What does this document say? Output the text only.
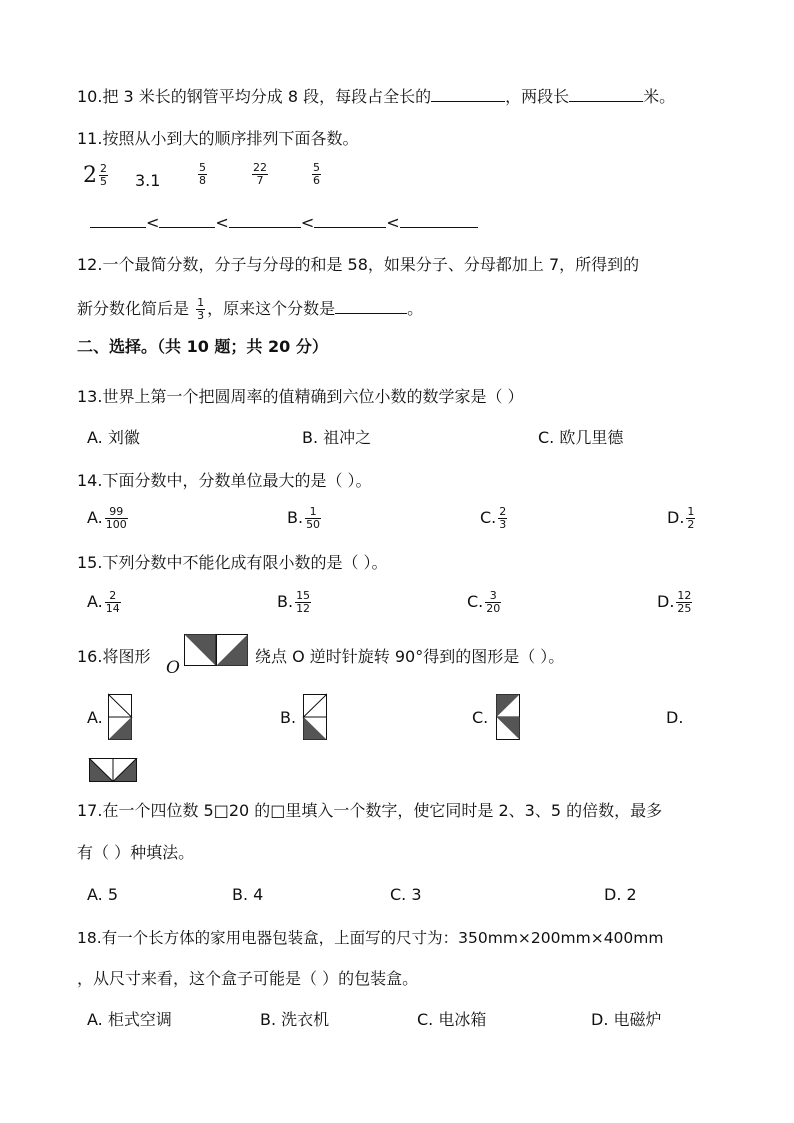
10.把 3 米长的钢管平均分成 8 段，每段占全长的	，两段长	米。
11.按照从小到大的顺序排列下面各数。
$2 \frac{2}{5} 3.1$	$\frac{5}{8}$	$\frac{22}{7}$	$\frac{5}{6}$
<	<	<	<
12.一个最简分数，分子与分母的和是 58，如果分子、分母都加上 7，所得到的
新分数化简后是 $\frac{1}{3}$ ，原来这个分数是	。
二、选择。（共 10 题；共 20 分）
13.世界上第一个把圆周率的值精确到六位小数的数学家是（ ）
A. 刘徽	B. 祖冲之	C. 欧几里德
14.下面分数中，分数单位最大的是（ ）。
A. $\frac{99}{100}$	B. $\frac{1}{50}$	C. $\frac{2}{3}$	D. $\frac{1}{2}$
15.下列分数中不能化成有限小数的是（ ）。
A. $\frac{2}{14}$	B. $\frac{15}{12}$	C. $\frac{3}{20}$	D. $\frac{12}{25}$
16.将图形
O
绕点 O 逆时针旋转 90°得到的图形是（ ）。
A.	B.	C.	D.
17.在一个四位数 5□20 的□里填入一个数字，使它同时是 2、3、5 的倍数，最多
有（ ）种填法。
A. 5	B. 4	C. 3	D. 2
18.有一个长方体的家用电器包装盒，上面写的尺寸为：350mm×200mm×400mm
，从尺寸来看，这个盒子可能是（ ）的包装盒。
A. 柜式空调	B. 洗衣机	C. 电冰箱	D. 电磁炉
